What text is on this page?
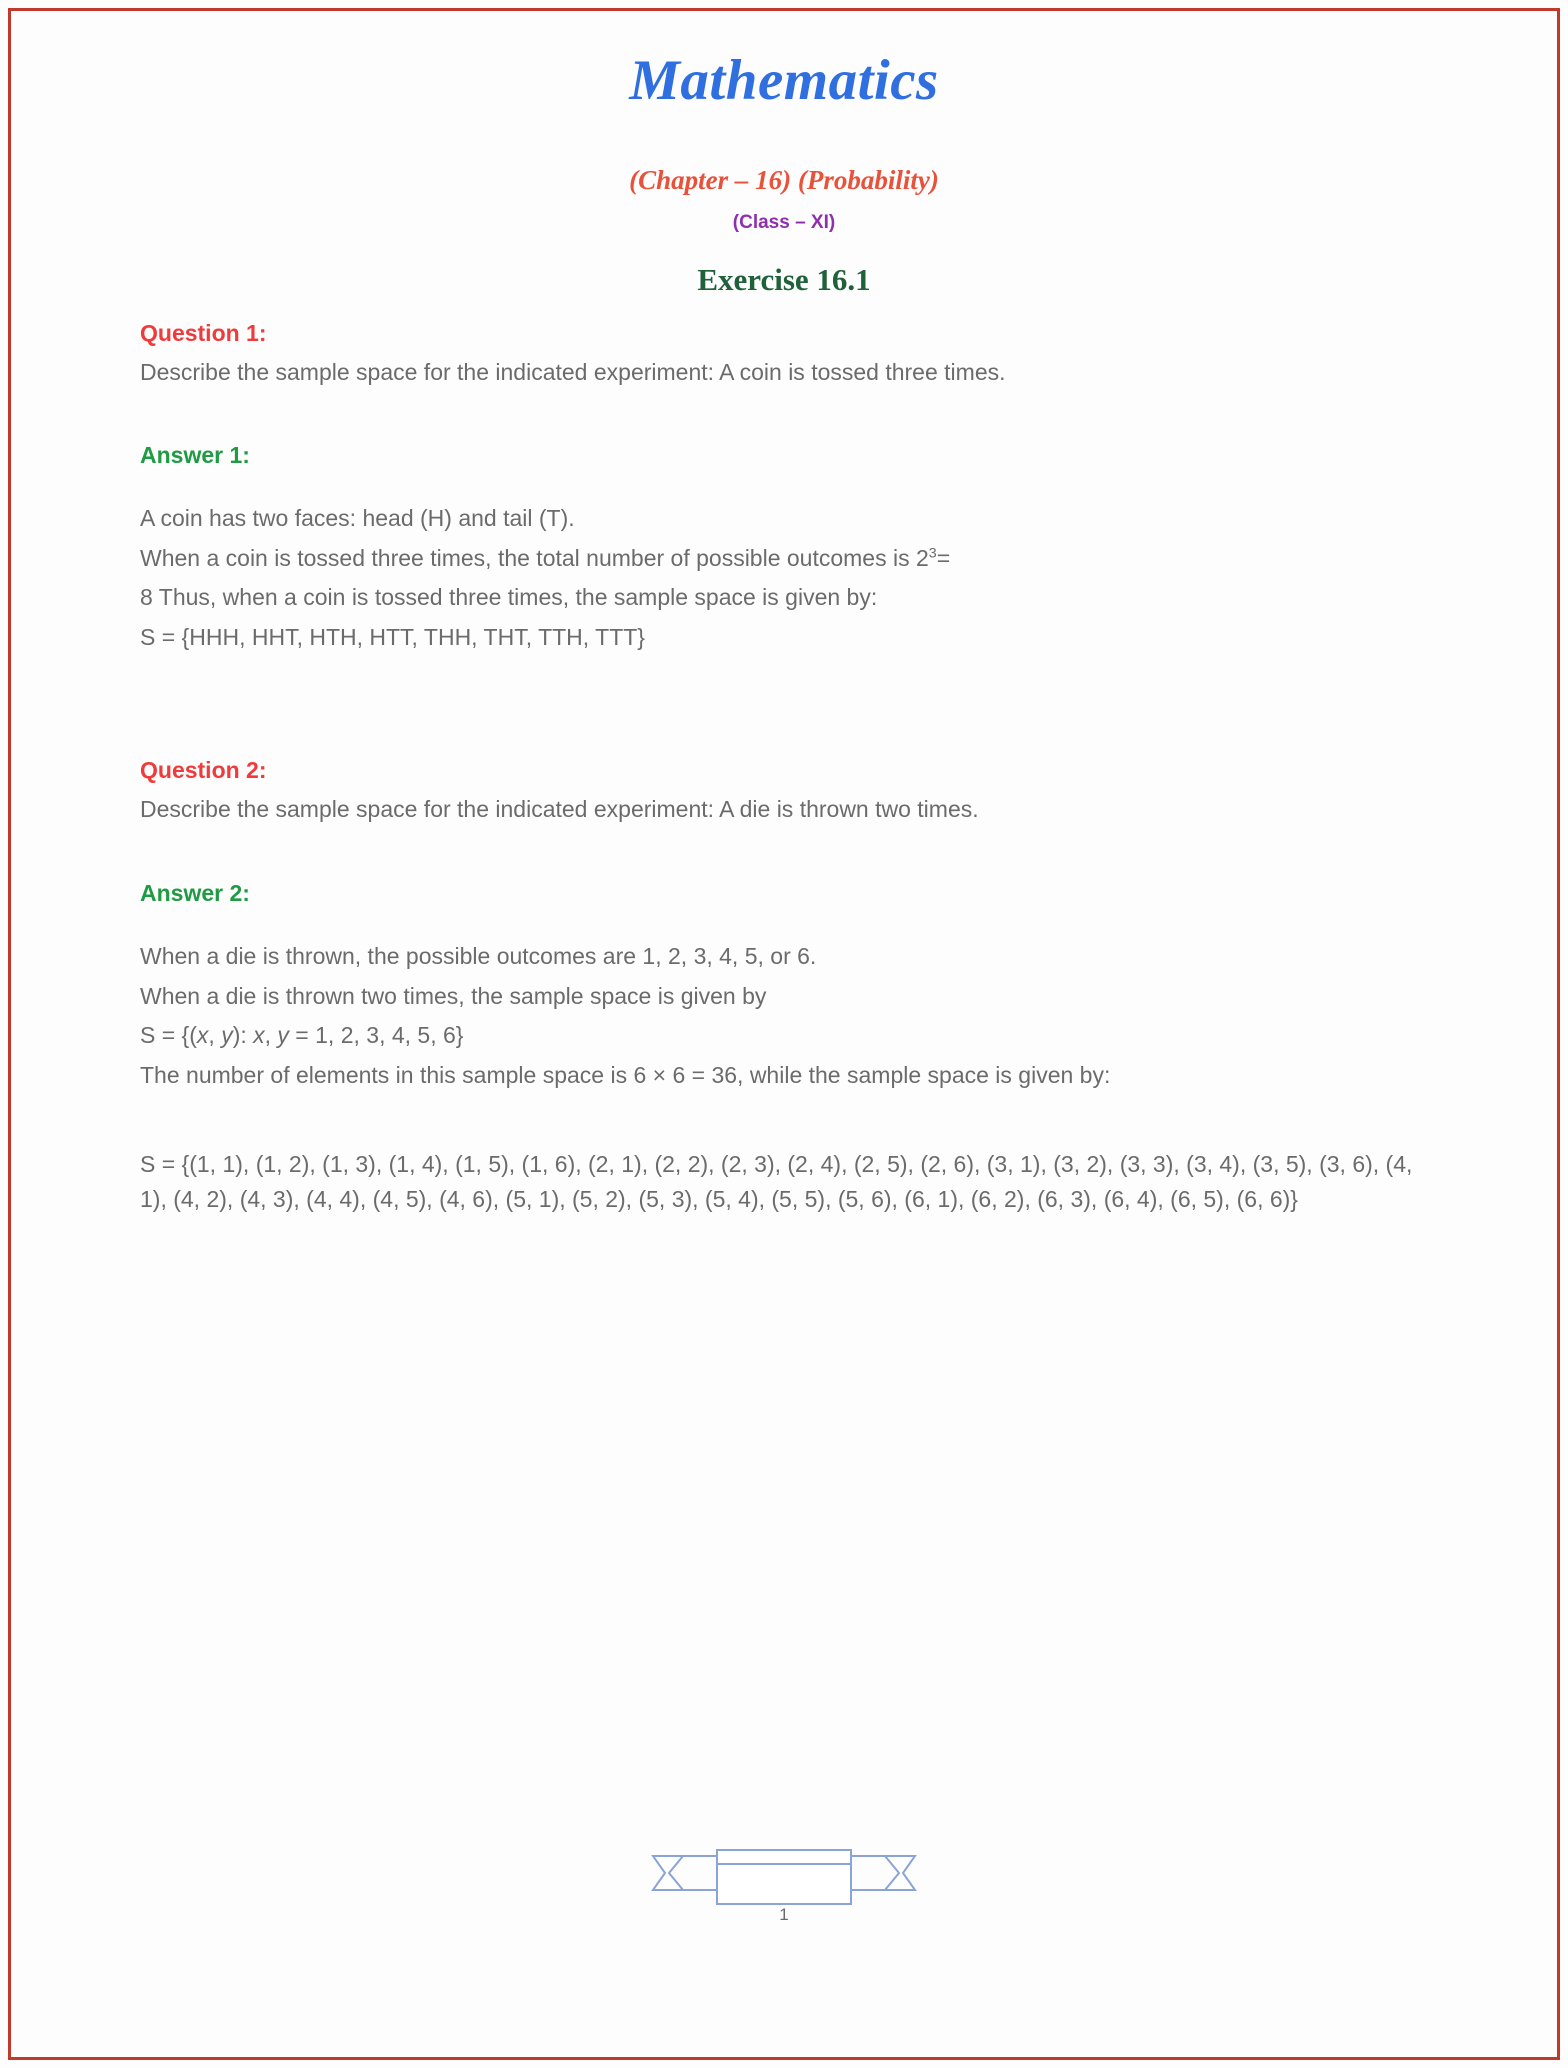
Mathematics
(Chapter – 16) (Probability)
(Class – XI)
Exercise 16.1
Question 1:
Describe the sample space for the indicated experiment: A coin is tossed three times.
Answer 1:
A coin has two faces: head (H) and tail (T).
When a coin is tossed three times, the total number of possible outcomes is $2^3=$
8 Thus, when a coin is tossed three times, the sample space is given by:
S = {HHH, HHT, HTH, HTT, THH, THT, TTH, TTT}
Question 2:
Describe the sample space for the indicated experiment: A die is thrown two times.
Answer 2:
When a die is thrown, the possible outcomes are 1, 2, 3, 4, 5, or 6.
When a die is thrown two times, the sample space is given by
S = {(x, y): x, y = 1, 2, 3, 4, 5, 6}
The number of elements in this sample space is 6 × 6 = 36, while the sample space is given by:
S = {(1, 1), (1, 2), (1, 3), (1, 4), (1, 5), (1, 6), (2, 1), (2, 2), (2, 3), (2, 4), (2, 5), (2, 6), (3, 1), (3, 2), (3, 3), (3, 4), (3, 5), (3, 6), (4, 1), (4, 2), (4, 3), (4, 4), (4, 5), (4, 6), (5, 1), (5, 2), (5, 3), (5, 4), (5, 5), (5, 6), (6, 1), (6, 2), (6, 3), (6, 4), (6, 5), (6, 6)}
1
